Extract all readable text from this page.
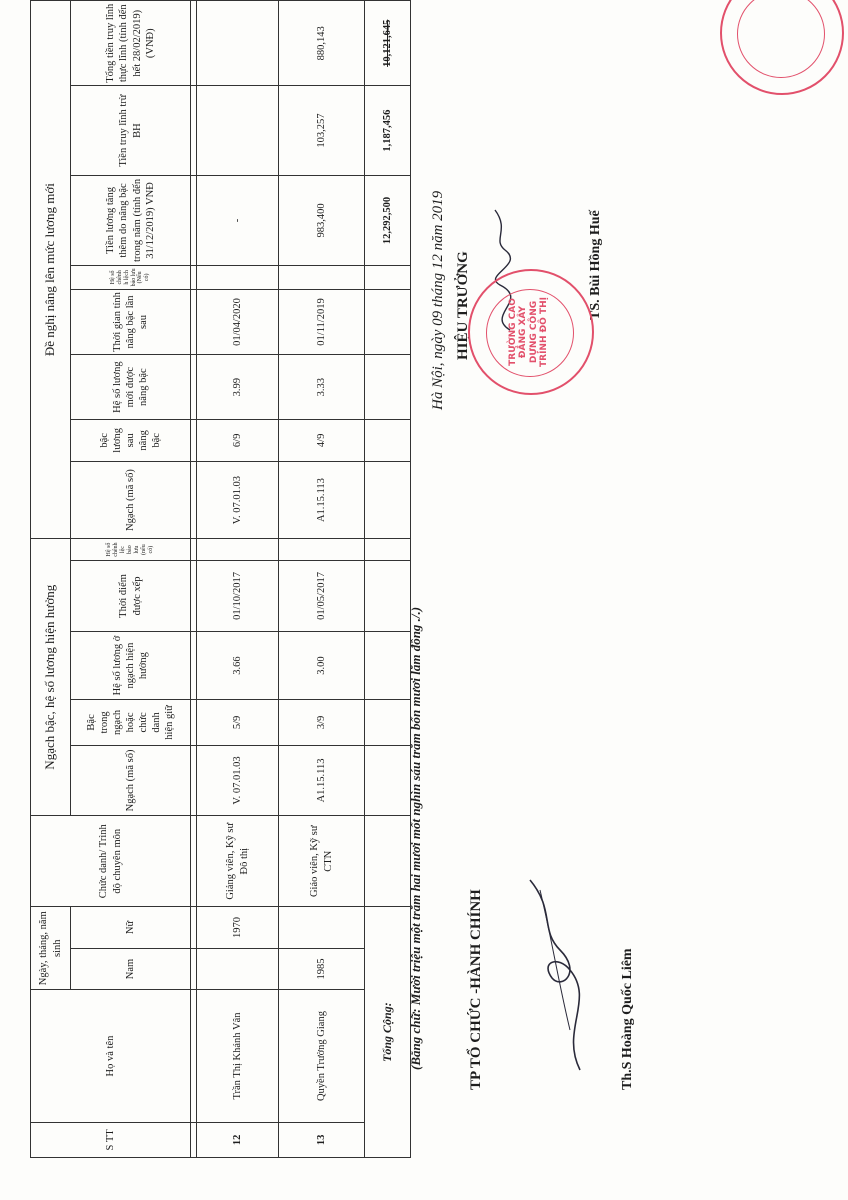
S TT	Họ và tên	Ngày, tháng, năm sinh		Chức danh/ Trình độ chuyên môn	Ngạch bậc, hệ số lương hiện hưởng					Đề nghị nâng lên mức lương mới							
		Nam	Nữ		Ngạch (mã số)	Bậc trong ngạch hoặc chức danh hiện giữ	Hệ số lương ở ngạch hiện hưởng	Thời điểm được xếp	Hệ số chênh lệc bảo lưu (nếu có)	Ngạch (mã số)	bậc lương sau nâng bậc	Hệ số lương mới được nâng bậc	Thời gian tính nâng bậc lần sau	Hệ số chênh h lệch bảo lưu (Nếu có)	Tiền lương tăng thêm do nâng bậc trong năm (tính đến 31/12/2019) VNĐ	Tiền truy lĩnh trừ BH	Tổng tiền truy lĩnh thực lĩnh (tính đến hết 28/02/2019) (VNĐ)

12	Trần Thị Khánh Vân		1970	Giảng viên, Kỹ sư Đô thị	V. 07.01.03	5/9	3.66	01/10/2017		V. 07.01.03	6/9	3.99	01/04/2020		-		
13	Quyền Trường Giang	1985		Giáo viên, Kỹ sư CTN	A1.15.113	3/9	3.00	01/05/2017		A1.15.113	4/9	3.33	01/11/2019		983,400	103,257	880,143
Tổng Cộng:															12,292,500	1,187,456	10,121,645
(Bằng chữ: Mười triệu một trăm hai mươi mốt nghìn sáu trăm bốn mươi lăm đồng ./.)
Hà Nội, ngày 09 tháng 12 năm 2019
TP TỔ CHỨC -HÀNH CHÍNH	Th.S Hoàng Quốc Liêm
HIỆU TRƯỞNG	TS. Bùi Hồng Huế
TRƯỜNG CAO ĐẲNG XÂY DỰNG CÔNG TRÌNH ĐÔ THỊ
